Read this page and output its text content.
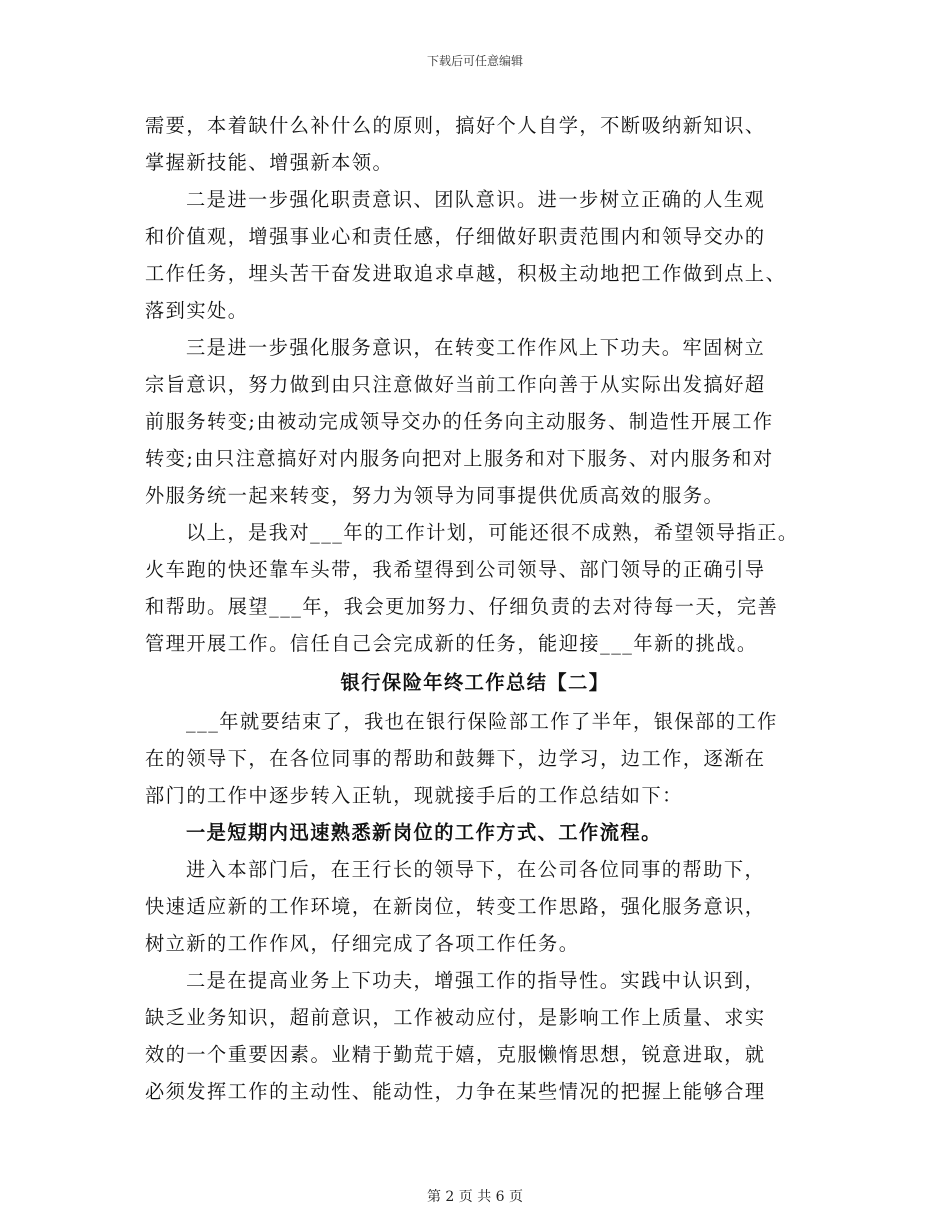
下载后可任意编辑
需要，本着缺什么补什么的原则，搞好个人自学，不断吸纳新知识、
掌握新技能、增强新本领。
二是进一步强化职责意识、团队意识。进一步树立正确的人生观
和价值观，增强事业心和责任感，仔细做好职责范围内和领导交办的
工作任务，埋头苦干奋发进取追求卓越，积极主动地把工作做到点上、
落到实处。
三是进一步强化服务意识，在转变工作作风上下功夫。牢固树立
宗旨意识，努力做到由只注意做好当前工作向善于从实际出发搞好超
前服务转变;由被动完成领导交办的任务向主动服务、制造性开展工作
转变;由只注意搞好对内服务向把对上服务和对下服务、对内服务和对
外服务统一起来转变，努力为领导为同事提供优质高效的服务。
以上，是我对___年的工作计划，可能还很不成熟，希望领导指正。
火车跑的快还靠车头带，我希望得到公司领导、部门领导的正确引导
和帮助。展望___年，我会更加努力、仔细负责的去对待每一天，完善
管理开展工作。信任自己会完成新的任务，能迎接___年新的挑战。
银行保险年终工作总结【二】
___年就要结束了，我也在银行保险部工作了半年，银保部的工作
在的领导下，在各位同事的帮助和鼓舞下，边学习，边工作，逐渐在
部门的工作中逐步转入正轨，现就接手后的工作总结如下：
一是短期内迅速熟悉新岗位的工作方式、工作流程。
进入本部门后，在王行长的领导下，在公司各位同事的帮助下，
快速适应新的工作环境，在新岗位，转变工作思路，强化服务意识，
树立新的工作作风，仔细完成了各项工作任务。
二是在提高业务上下功夫，增强工作的指导性。实践中认识到，
缺乏业务知识，超前意识，工作被动应付，是影响工作上质量、求实
效的一个重要因素。业精于勤荒于嬉，克服懒惰思想，锐意进取，就
必须发挥工作的主动性、能动性，力争在某些情况的把握上能够合理
第 2 页 共 6 页
